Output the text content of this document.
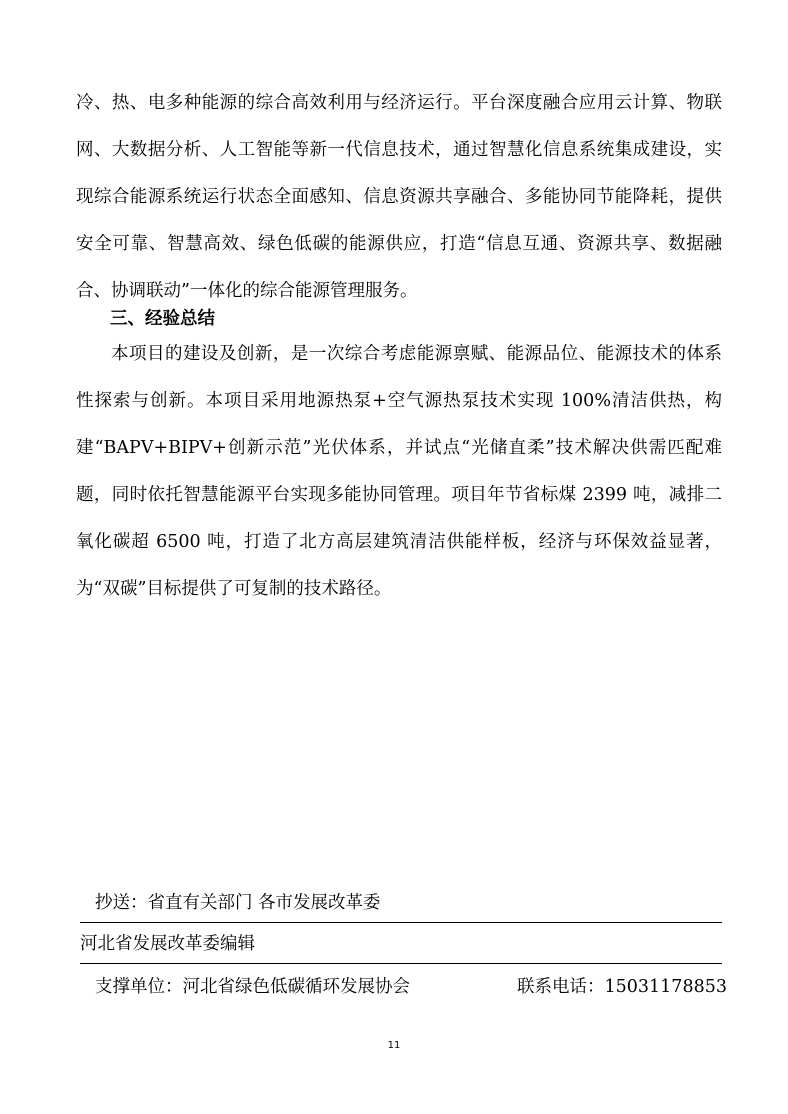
冷、热、电多种能源的综合高效利用与经济运行。平台深度融合应用云计算、物联网、大数据分析、人工智能等新一代信息技术，通过智慧化信息系统集成建设，实现综合能源系统运行状态全面感知、信息资源共享融合、多能协同节能降耗，提供安全可靠、智慧高效、绿色低碳的能源供应，打造“信息互通、资源共享、数据融合、协调联动”一体化的综合能源管理服务。

三、经验总结

本项目的建设及创新，是一次综合考虑能源禀赋、能源品位、能源技术的体系性探索与创新。本项目采用地源热泵+空气源热泵技术实现 100%清洁供热，构建“BAPV+BIPV+创新示范”光伏体系，并试点“光储直柔”技术解决供需匹配难题，同时依托智慧能源平台实现多能协同管理。项目年节省标煤 2399 吨，减排二氧化碳超 6500 吨，打造了北方高层建筑清洁供能样板，经济与环保效益显著，为“双碳”目标提供了可复制的技术路径。

抄送：省直有关部门 各市发展改革委
河北省发展改革委编辑
支撑单位：河北省绿色低碳循环发展协会	联系电话：15031178853
11
